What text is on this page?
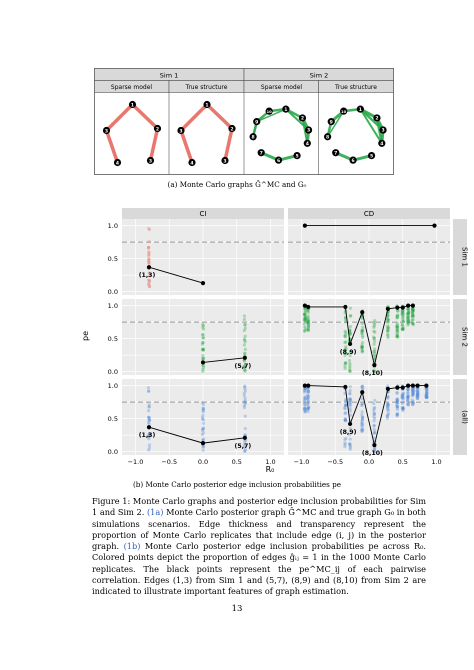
Sim 1	Sim 2
Sparse model	True structure	Sparse model	True structure
1
3
3
4
2
1
3
3
4
2
1
2
3
4
5
6
7
8
9
10	1
2
3
4
5
6
7
8
9
10
(a) Monte Carlo graphs Ĝ^MC and G₀
CI	CD
Sim 1
Sim 2
(all)
0.0
0.5
1.0
0.0
0.5
1.0
0.0
0.5
1.0
−1.0	−0.5	0.0	0.5	1.0	−1.0	−0.5	0.0	0.5	1.0
(1,3)
(5,7)
(1,3)
(5,7)
(8,9)
(8,10)
(8,9)
(8,10)
pe
R₀
(b) Monte Carlo posterior edge inclusion probabilities pe
Figure 1: Monte Carlo graphs and posterior edge inclusion probabilities for Sim 1 and Sim 2. (1a) Monte Carlo posterior graph Ĝ^MC and true graph G₀ in both simulations scenarios. Edge thickness and transparency represent the proportion of Monte Carlo replicates that include edge (i, j) in the posterior graph. (1b) Monte Carlo posterior edge inclusion probabilities pe across R₀. Colored points depict the proportion of edges ĝᵢⱼ = 1 in the 1000 Monte Carlo replicates. The black points represent the pe^MC_ij of each pairwise correlation. Edges (1,3) from Sim 1 and (5,7), (8,9) and (8,10) from Sim 2 are indicated to illustrate important features of graph estimation.
13
